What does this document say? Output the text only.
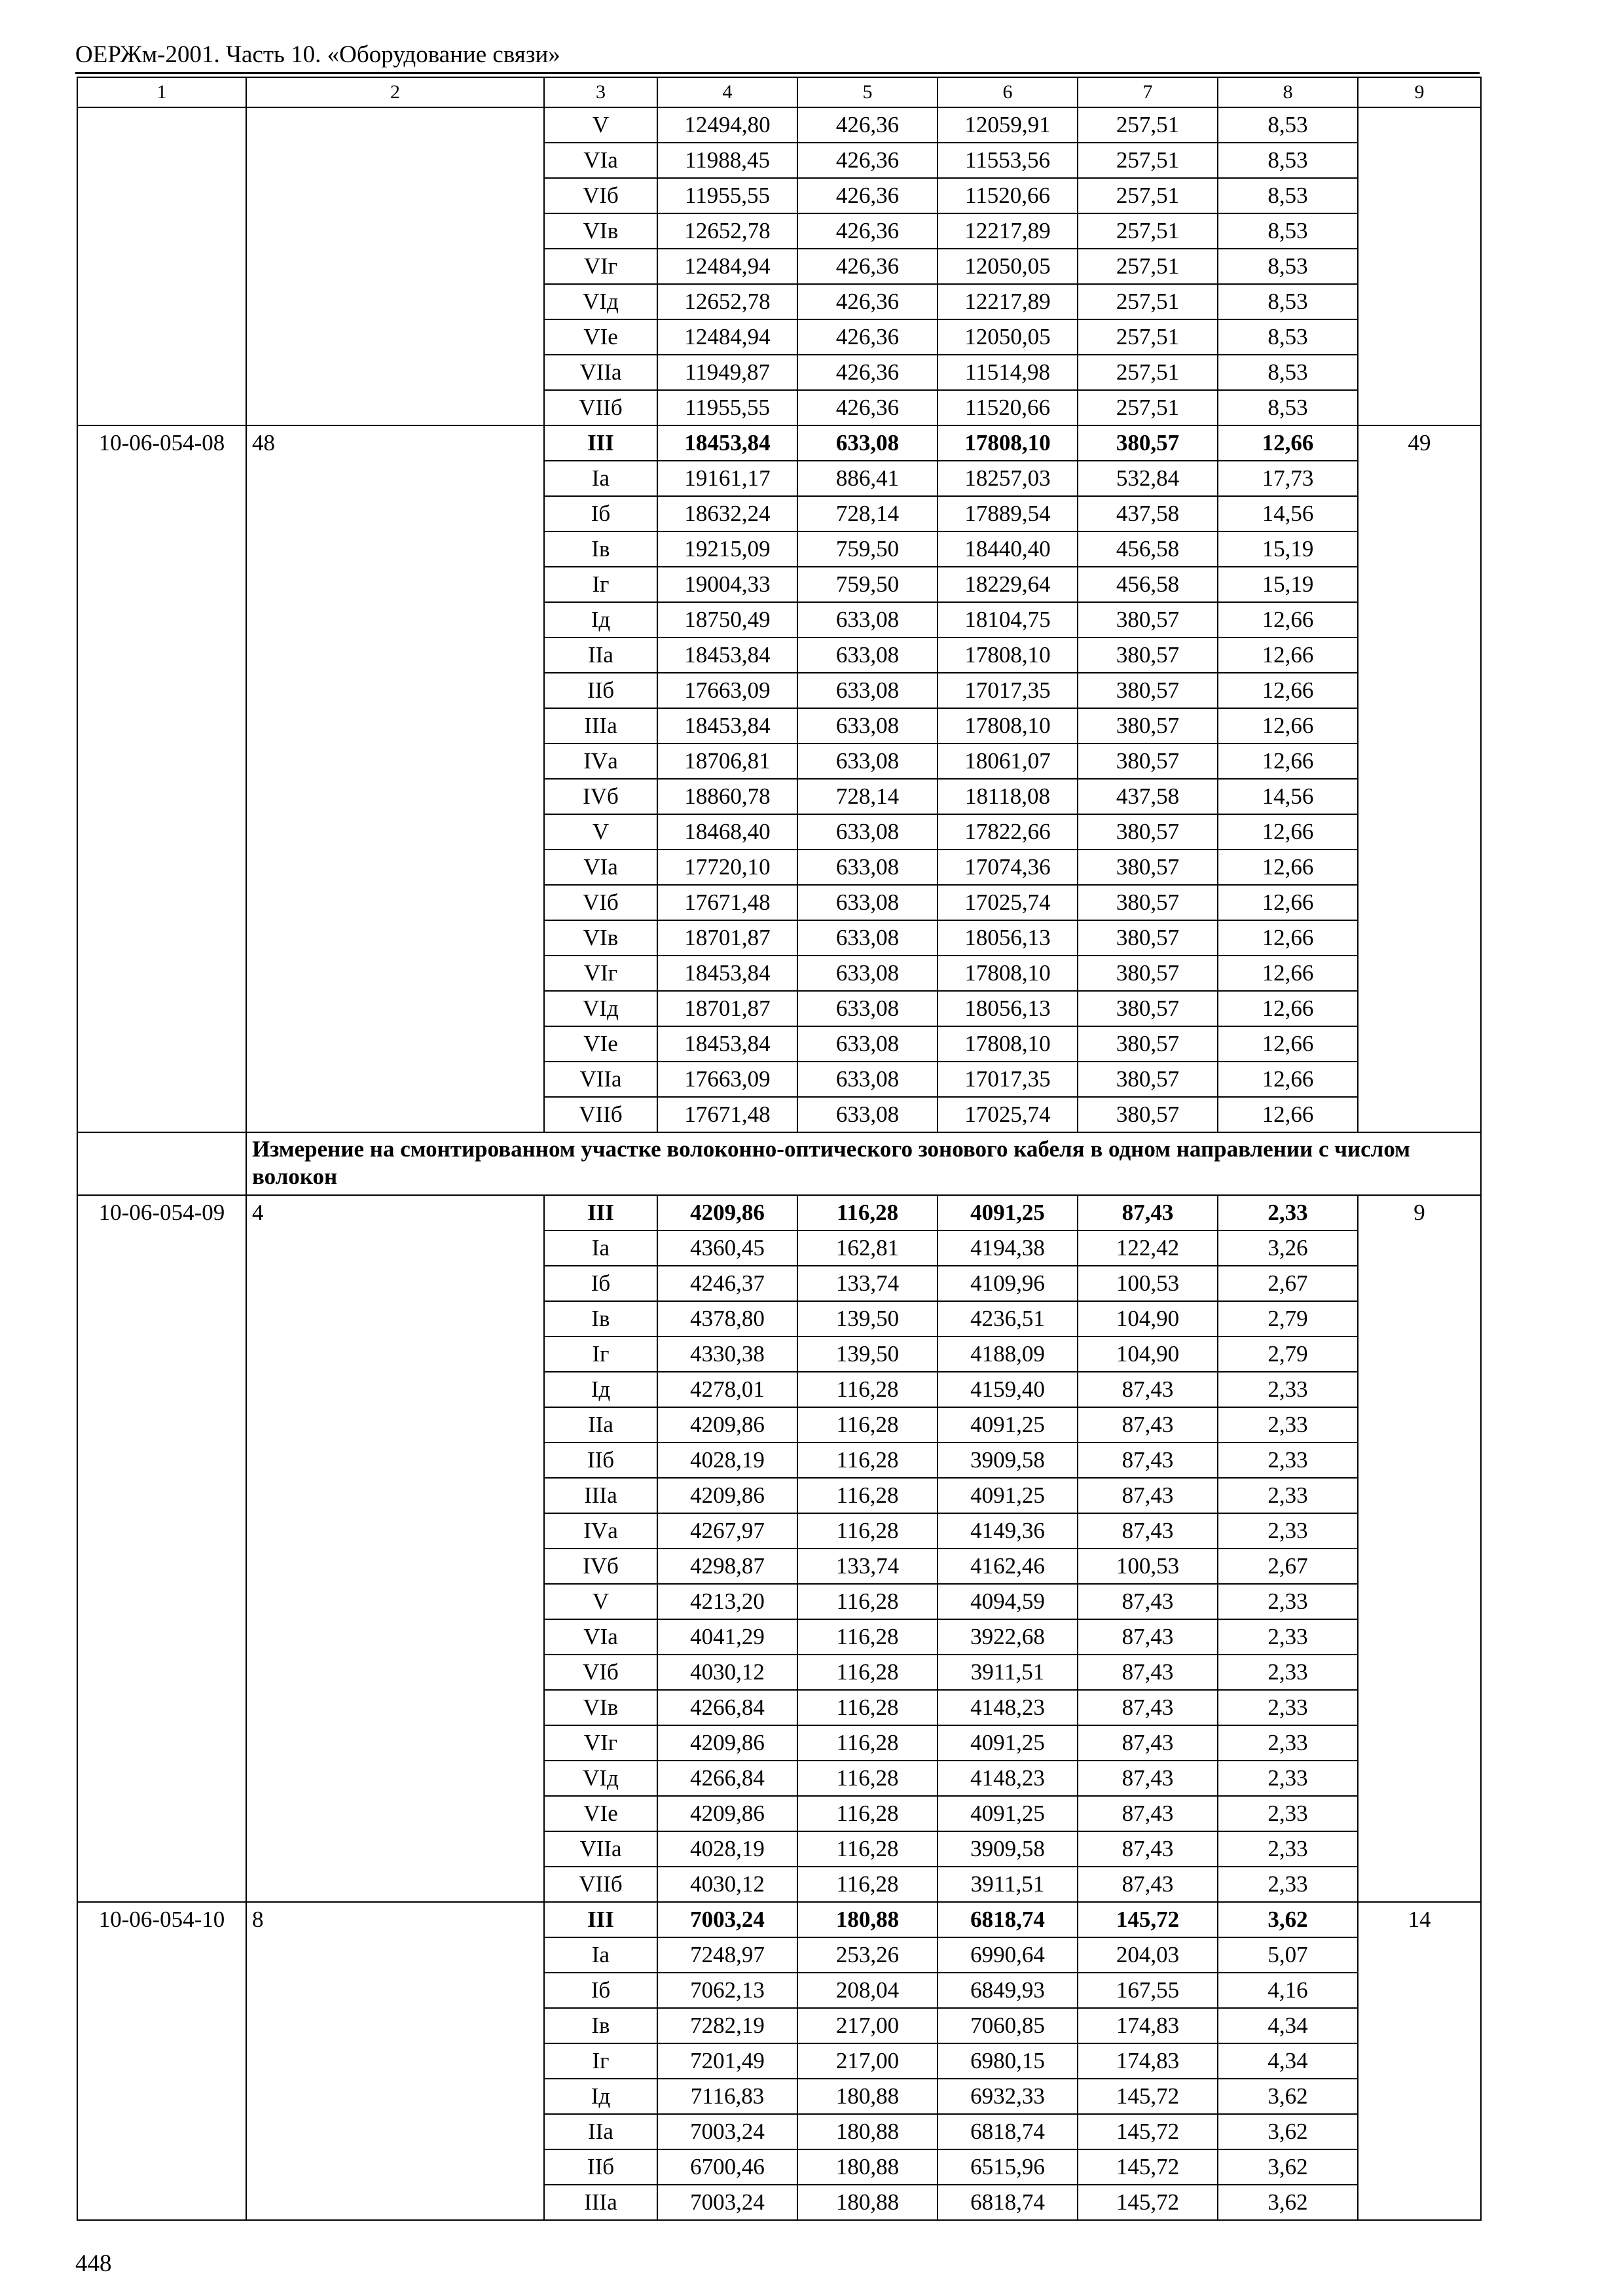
ОЕРЖм-2001. Часть 10. «Оборудование связи»
1	2	3	4	5	6	7	8	9
		V	12494,80	426,36	12059,91	257,51	8,53	
		VIа	11988,45	426,36	11553,56	257,51	8,53	
		VIб	11955,55	426,36	11520,66	257,51	8,53	
		VIв	12652,78	426,36	12217,89	257,51	8,53	
		VIг	12484,94	426,36	12050,05	257,51	8,53	
		VIд	12652,78	426,36	12217,89	257,51	8,53	
		VIе	12484,94	426,36	12050,05	257,51	8,53	
		VIIа	11949,87	426,36	11514,98	257,51	8,53	
		VIIб	11955,55	426,36	11520,66	257,51	8,53	
10-06-054-08	48	III	18453,84	633,08	17808,10	380,57	12,66	49
		Iа	19161,17	886,41	18257,03	532,84	17,73	
		Iб	18632,24	728,14	17889,54	437,58	14,56	
		Iв	19215,09	759,50	18440,40	456,58	15,19	
		Iг	19004,33	759,50	18229,64	456,58	15,19	
		Iд	18750,49	633,08	18104,75	380,57	12,66	
		IIа	18453,84	633,08	17808,10	380,57	12,66	
		IIб	17663,09	633,08	17017,35	380,57	12,66	
		IIIа	18453,84	633,08	17808,10	380,57	12,66	
		IVа	18706,81	633,08	18061,07	380,57	12,66	
		IVб	18860,78	728,14	18118,08	437,58	14,56	
		V	18468,40	633,08	17822,66	380,57	12,66	
		VIа	17720,10	633,08	17074,36	380,57	12,66	
		VIб	17671,48	633,08	17025,74	380,57	12,66	
		VIв	18701,87	633,08	18056,13	380,57	12,66	
		VIг	18453,84	633,08	17808,10	380,57	12,66	
		VIд	18701,87	633,08	18056,13	380,57	12,66	
		VIе	18453,84	633,08	17808,10	380,57	12,66	
		VIIа	17663,09	633,08	17017,35	380,57	12,66	
		VIIб	17671,48	633,08	17025,74	380,57	12,66	
	Измерение на смонтированном участке волоконно-оптического зонового кабеля в одном направлении с числом волокон							
10-06-054-09	4	III	4209,86	116,28	4091,25	87,43	2,33	9
		Iа	4360,45	162,81	4194,38	122,42	3,26	
		Iб	4246,37	133,74	4109,96	100,53	2,67	
		Iв	4378,80	139,50	4236,51	104,90	2,79	
		Iг	4330,38	139,50	4188,09	104,90	2,79	
		Iд	4278,01	116,28	4159,40	87,43	2,33	
		IIа	4209,86	116,28	4091,25	87,43	2,33	
		IIб	4028,19	116,28	3909,58	87,43	2,33	
		IIIа	4209,86	116,28	4091,25	87,43	2,33	
		IVа	4267,97	116,28	4149,36	87,43	2,33	
		IVб	4298,87	133,74	4162,46	100,53	2,67	
		V	4213,20	116,28	4094,59	87,43	2,33	
		VIа	4041,29	116,28	3922,68	87,43	2,33	
		VIб	4030,12	116,28	3911,51	87,43	2,33	
		VIв	4266,84	116,28	4148,23	87,43	2,33	
		VIг	4209,86	116,28	4091,25	87,43	2,33	
		VIд	4266,84	116,28	4148,23	87,43	2,33	
		VIе	4209,86	116,28	4091,25	87,43	2,33	
		VIIа	4028,19	116,28	3909,58	87,43	2,33	
		VIIб	4030,12	116,28	3911,51	87,43	2,33	
10-06-054-10	8	III	7003,24	180,88	6818,74	145,72	3,62	14
		Iа	7248,97	253,26	6990,64	204,03	5,07	
		Iб	7062,13	208,04	6849,93	167,55	4,16	
		Iв	7282,19	217,00	7060,85	174,83	4,34	
		Iг	7201,49	217,00	6980,15	174,83	4,34	
		Iд	7116,83	180,88	6932,33	145,72	3,62	
		IIа	7003,24	180,88	6818,74	145,72	3,62	
		IIб	6700,46	180,88	6515,96	145,72	3,62	
		IIIа	7003,24	180,88	6818,74	145,72	3,62	
448
